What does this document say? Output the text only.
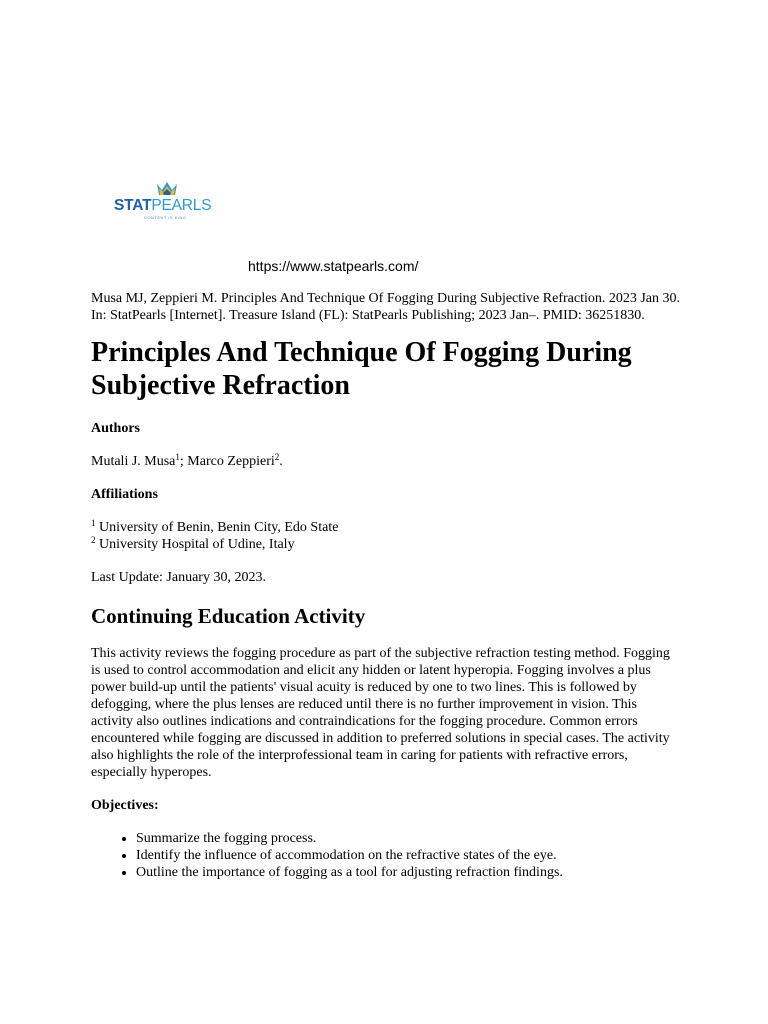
STATPEARLS
CONTENT IS KING
https://www.statpearls.com/

Musa MJ, Zeppieri M. Principles And Technique Of Fogging During Subjective Refraction. 2023 Jan 30. In: StatPearls [Internet]. Treasure Island (FL): StatPearls Publishing; 2023 Jan–. PMID: 36251830.

Principles And Technique Of Fogging During Subjective Refraction

Authors

Mutali J. Musa$^1$; Marco Zeppieri$^2$.

Affiliations

$^1$ University of Benin, Benin City, Edo State

$^2$ University Hospital of Udine, Italy

Last Update: January 30, 2023.

Continuing Education Activity

This activity reviews the fogging procedure as part of the subjective refraction testing method. Fogging is used to control accommodation and elicit any hidden or latent hyperopia. Fogging involves a plus power build-up until the patients' visual acuity is reduced by one to two lines. This is followed by defogging, where the plus lenses are reduced until there is no further improvement in vision. This activity also outlines indications and contraindications for the fogging procedure. Common errors encountered while fogging are discussed in addition to preferred solutions in special cases. The activity also highlights the role of the interprofessional team in caring for patients with refractive errors, especially hyperopes.

Objectives:

• Summarize the fogging process.
• Identify the influence of accommodation on the refractive states of the eye.
• Outline the importance of fogging as a tool for adjusting refraction findings.
